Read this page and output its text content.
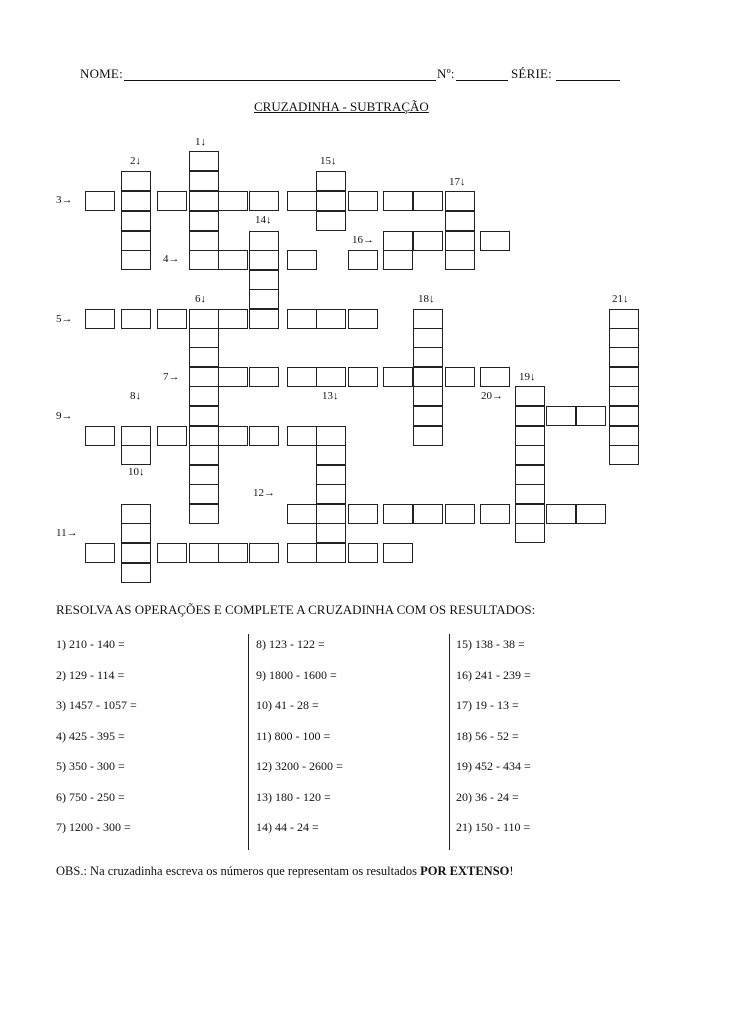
NOME:	Nº:	SÉRIE:
CRUZADINHA - SUBTRAÇÃO
1↓
2↓	15↓
17↓
3→
14↓
16→
4→
6↓	18↓	21↓
5→
7→	19↓
8↓	13↓	20→
9→
10↓
12→
11→
RESOLVA AS OPERAÇÕES E COMPLETE A CRUZADINHA COM OS RESULTADOS:
1) 210 - 140 =
2) 129 - 114 =
3) 1457 - 1057 =
4) 425 - 395 =
5) 350 - 300 =
6) 750 - 250 =
7) 1200 - 300 =
8) 123 - 122 =
9) 1800 - 1600 =
10) 41 - 28 =
11) 800 - 100 =
12) 3200 - 2600 =
13) 180 - 120 =
14) 44 - 24 =
15) 138 - 38 =
16) 241 - 239 =
17) 19 - 13 =
18) 56 - 52 =
19) 452 - 434 =
20) 36 - 24 =
21) 150 - 110 =
OBS.: Na cruzadinha escreva os números que representam os resultados POR EXTENSO!
